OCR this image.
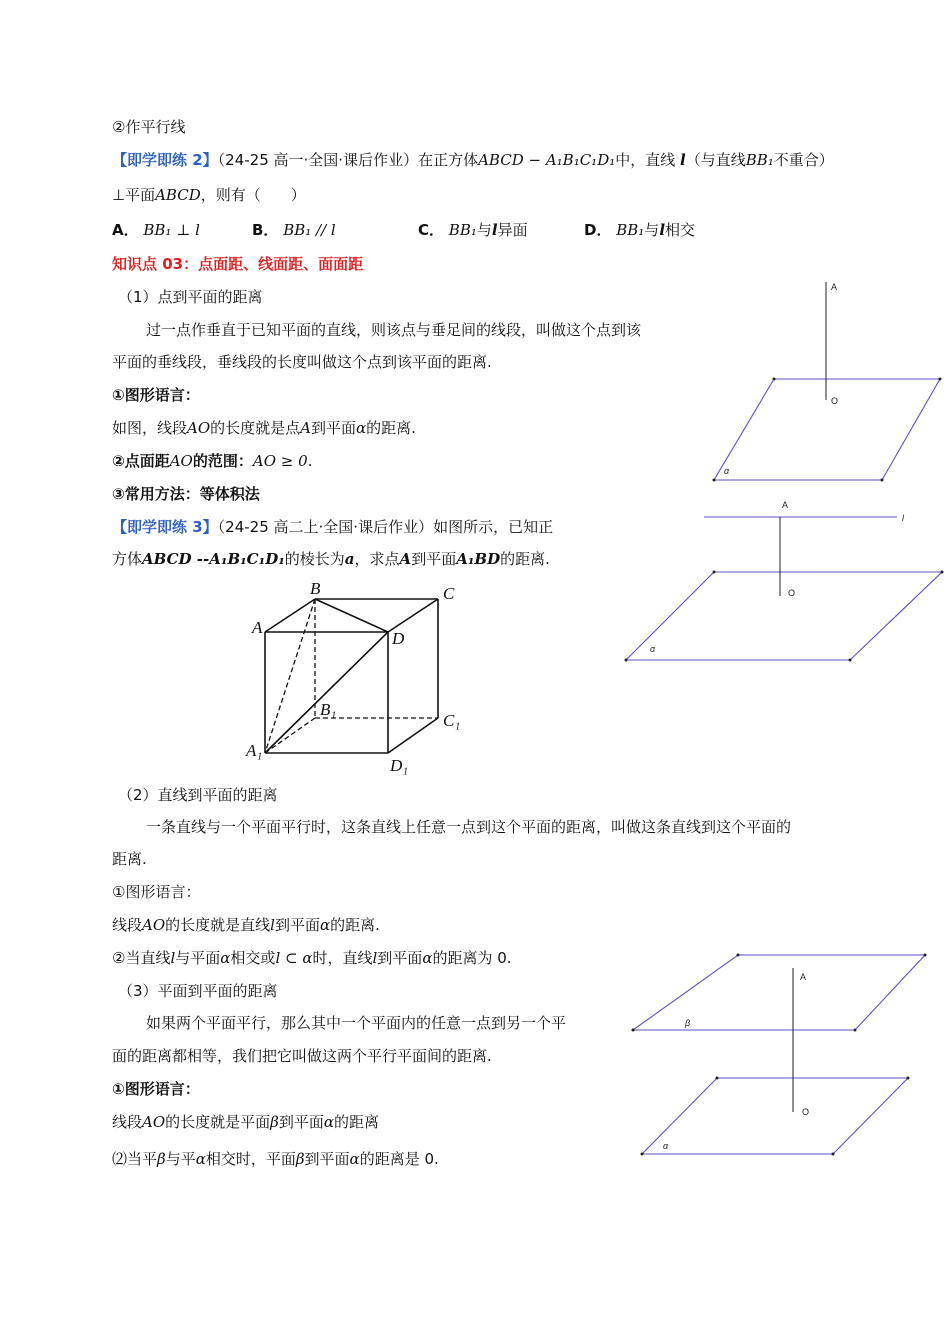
②作平行线
【即学即练 2】（24-25 高一·全国·课后作业）在正方体ABCD − A₁B₁C₁D₁中，直线 l（与直线BB₁不重合）
⊥平面ABCD，则有（　　）
A． BB₁ ⊥ l	B． BB₁ // l	C． BB₁与l异面	D． BB₁与l相交
知识点 03：点面距、线面距、面面距
（1）点到平面的距离
过一点作垂直于已知平面的直线，则该点与垂足间的线段，叫做这个点到该
平面的垂线段，垂线段的长度叫做这个点到该平面的距离.
①图形语言：
如图，线段AO的长度就是点A到平面α的距离.
②点面距AO的范围：AO ≥ 0.
③常用方法：等体积法
【即学即练 3】（24-25 高二上·全国·课后作业）如图所示，已知正
方体ABCD --A₁B₁C₁D₁的棱长为a，求点A到平面A₁BD的距离.
B	C
A
D
B₁
C₁
A₁
D₁
A
O
α
A
l
O
α
（2）直线到平面的距离
一条直线与一个平面平行时，这条直线上任意一点到这个平面的距离，叫做这条直线到这个平面的
距离.
①图形语言：
线段AO的长度就是直线l到平面α的距离.
②当直线l与平面α相交或l ⊂ α时，直线l到平面α的距离为 0.
（3）平面到平面的距离
如果两个平面平行，那么其中一个平面内的任意一点到另一个平
面的距离都相等，我们把它叫做这两个平行平面间的距离.
①图形语言：
线段AO的长度就是平面β到平面α的距离
⑵当平β与平α相交时，平面β到平面α的距离是 0.
A
β
O
α
